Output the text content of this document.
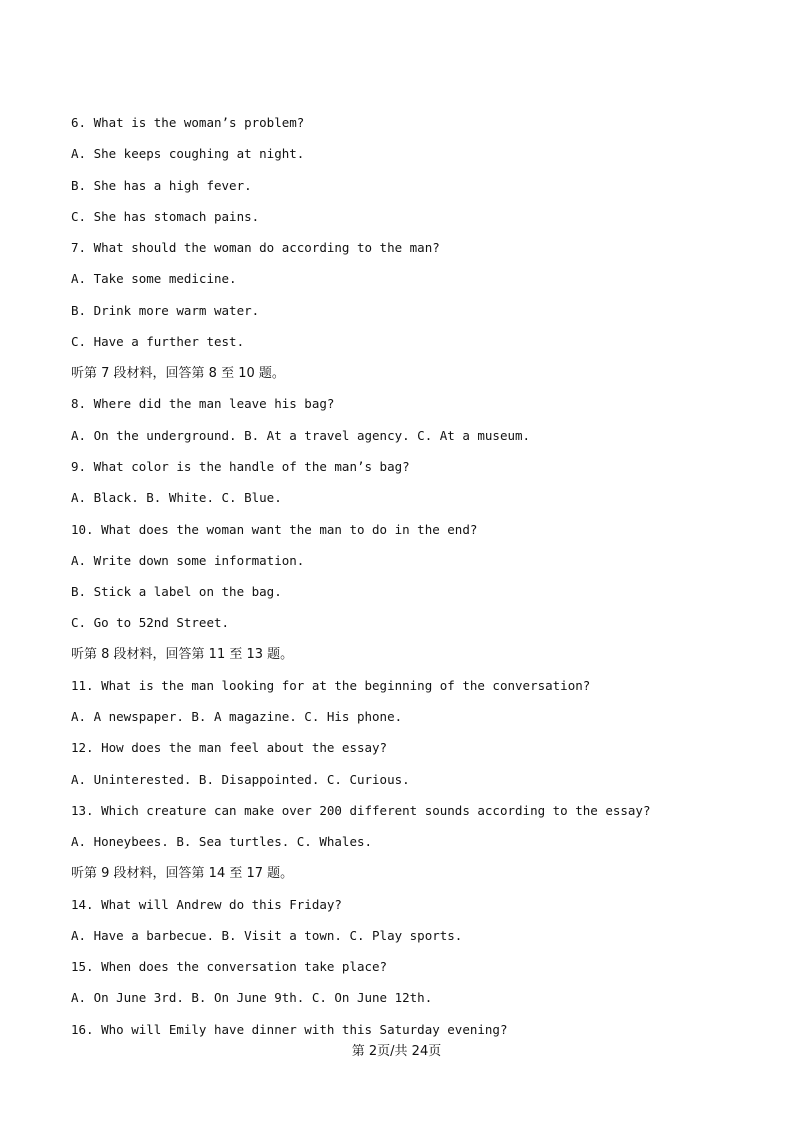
6. What is the woman’s problem?
A. She keeps coughing at night.
B. She has a high fever.
C. She has stomach pains.
7. What should the woman do according to the man?
A. Take some medicine.
B. Drink more warm water.
C. Have a further test.
听第 7 段材料，回答第 8 至 10 题。
8. Where did the man leave his bag?
A. On the underground. B. At a travel agency. C. At a museum.
9. What color is the handle of the man’s bag?
A. Black. B. White. C. Blue.
10. What does the woman want the man to do in the end?
A. Write down some information.
B. Stick a label on the bag.
C. Go to 52nd Street.
听第 8 段材料，回答第 11 至 13 题。
11. What is the man looking for at the beginning of the conversation?
A. A newspaper. B. A magazine. C. His phone.
12. How does the man feel about the essay?
A. Uninterested. B. Disappointed. C. Curious.
13. Which creature can make over 200 different sounds according to the essay?
A. Honeybees. B. Sea turtles. C. Whales.
听第 9 段材料，回答第 14 至 17 题。
14. What will Andrew do this Friday?
A. Have a barbecue. B. Visit a town. C. Play sports.
15. When does the conversation take place?
A. On June 3rd. B. On June 9th. C. On June 12th.
16. Who will Emily have dinner with this Saturday evening?
第 2页/共 24页
